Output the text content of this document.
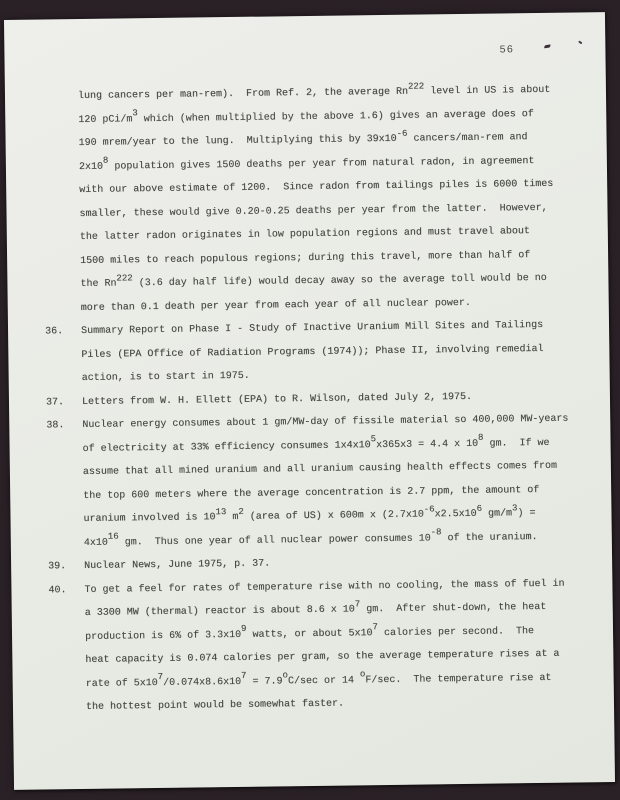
56
lung cancers per man-rem).  From Ref. 2, the average Rn222 level in US is about
120 pCi/m3 which (when multiplied by the above 1.6) gives an average does of
190 mrem/year to the lung.  Multiplying this by 39x10-6 cancers/man-rem and
2x108 population gives 1500 deaths per year from natural radon, in agreement
with our above estimate of 1200.  Since radon from tailings piles is 6000 times
smaller, these would give 0.20-0.25 deaths per year from the latter.  However,
the latter radon originates in low population regions and must travel about
1500 miles to reach populous regions; during this travel, more than half of
the Rn222 (3.6 day half life) would decay away so the average toll would be no
more than 0.1 death per year from each year of all nuclear power.
36. Summary Report on Phase I - Study of Inactive Uranium Mill Sites and Tailings
Piles (EPA Office of Radiation Programs (1974)); Phase II, involving remedial
action, is to start in 1975.
37. Letters from W. H. Ellett (EPA) to R. Wilson, dated July 2, 1975.
38. Nuclear energy consumes about 1 gm/MW-day of fissile material so 400,000 MW-years
of electricity at 33% efficiency consumes 1x4x105x365x3 = 4.4 x 108 gm.  If we
assume that all mined uranium and all uranium causing health effects comes from
the top 600 meters where the average concentration is 2.7 ppm, the amount of
uranium involved is 1013 m2 (area of US) x 600m x (2.7x10-6x2.5x106 gm/m3) =
4x1016 gm.  Thus one year of all nuclear power consumes 10-8 of the uranium.
39. Nuclear News, June 1975, p. 37.
40. To get a feel for rates of temperature rise with no cooling, the mass of fuel in
a 3300 MW (thermal) reactor is about 8.6 x 107 gm.  After shut-down, the heat
production is 6% of 3.3x109 watts, or about 5x107 calories per second.  The
heat capacity is 0.074 calories per gram, so the average temperature rises at a
rate of 5x107/0.074x8.6x107 = 7.9oC/sec or 14 oF/sec.  The temperature rise at
the hottest point would be somewhat faster.
